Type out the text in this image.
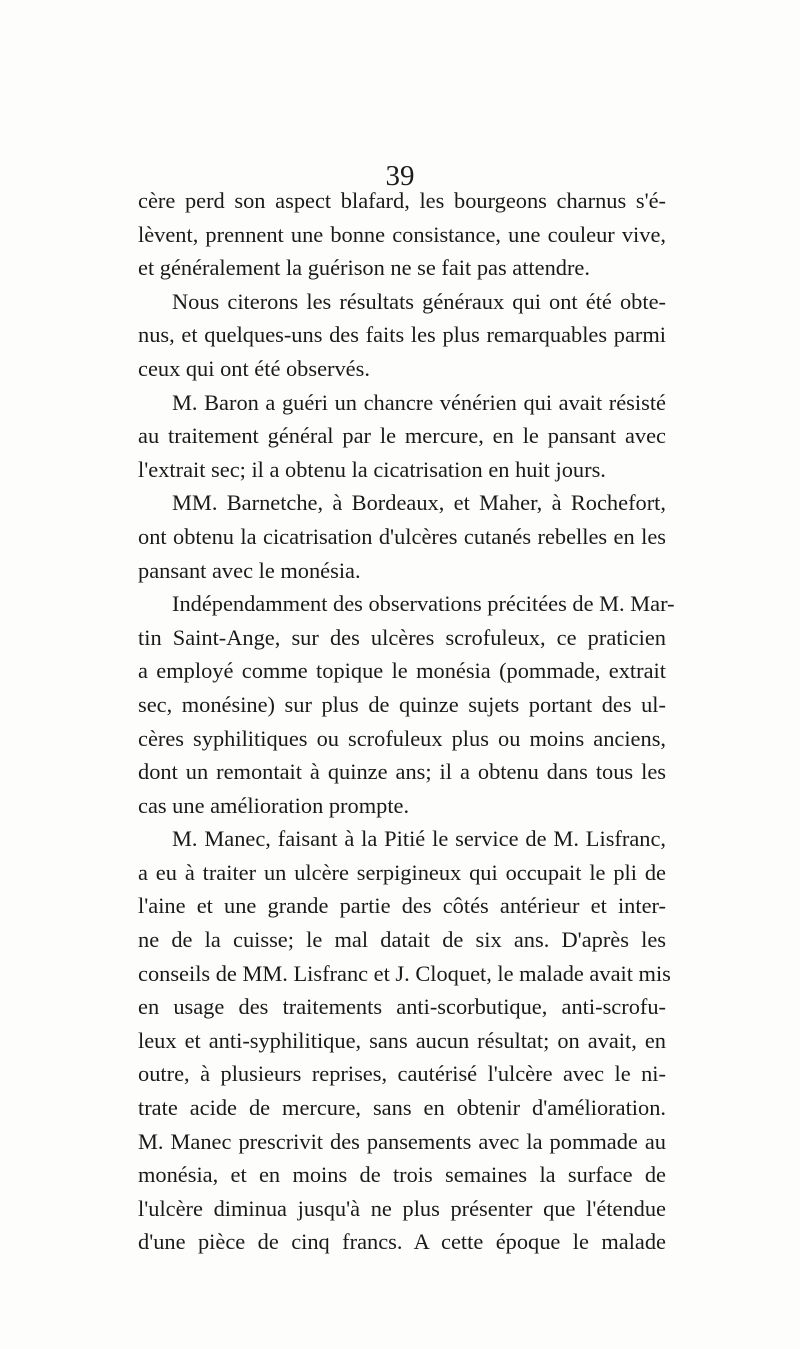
39
cère perd son aspect blafard, les bourgeons charnus s'é-
lèvent, prennent une bonne consistance, une couleur vive,
et généralement la guérison ne se fait pas attendre.
Nous citerons les résultats généraux qui ont été obte-
nus, et quelques-uns des faits les plus remarquables parmi
ceux qui ont été observés.
M. Baron a guéri un chancre vénérien qui avait résisté
au traitement général par le mercure, en le pansant avec
l'extrait sec; il a obtenu la cicatrisation en huit jours.
MM. Barnetche, à Bordeaux, et Maher, à Rochefort,
ont obtenu la cicatrisation d'ulcères cutanés rebelles en les
pansant avec le monésia.
Indépendamment des observations précitées de M. Mar-
tin Saint-Ange, sur des ulcères scrofuleux, ce praticien
a employé comme topique le monésia (pommade, extrait
sec, monésine) sur plus de quinze sujets portant des ul-
cères syphilitiques ou scrofuleux plus ou moins anciens,
dont un remontait à quinze ans; il a obtenu dans tous les
cas une amélioration prompte.
M. Manec, faisant à la Pitié le service de M. Lisfranc,
a eu à traiter un ulcère serpigineux qui occupait le pli de
l'aine et une grande partie des côtés antérieur et inter-
ne de la cuisse; le mal datait de six ans. D'après les
conseils de MM. Lisfranc et J. Cloquet, le malade avait mis
en usage des traitements anti-scorbutique, anti-scrofu-
leux et anti-syphilitique, sans aucun résultat; on avait, en
outre, à plusieurs reprises, cautérisé l'ulcère avec le ni-
trate acide de mercure, sans en obtenir d'amélioration.
M. Manec prescrivit des pansements avec la pommade au
monésia, et en moins de trois semaines la surface de
l'ulcère diminua jusqu'à ne plus présenter que l'étendue
d'une pièce de cinq francs. A cette époque le malade
